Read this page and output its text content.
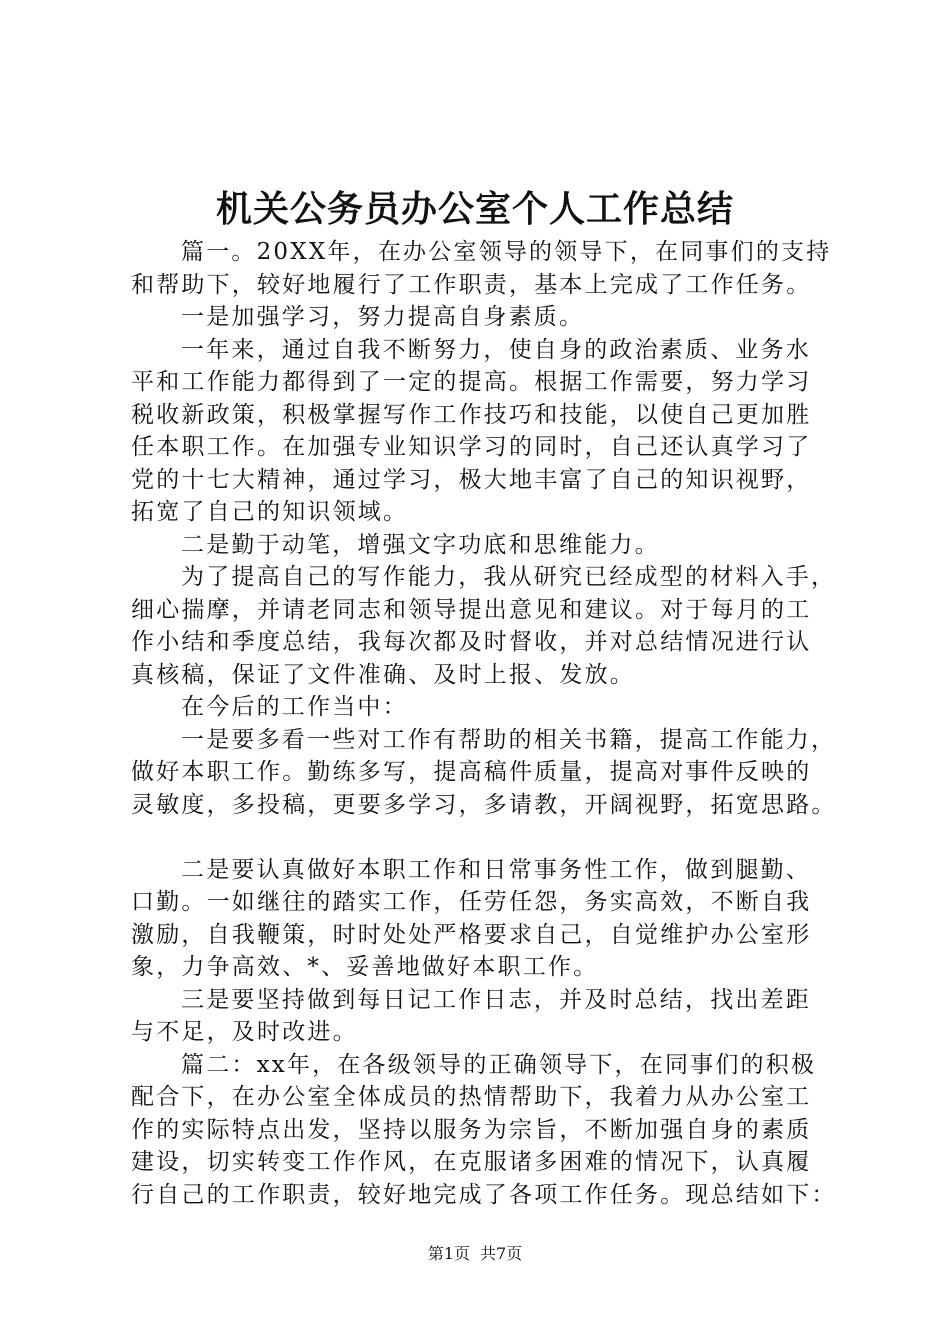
机关公务员办公室个人工作总结
篇一。20XX年，在办公室领导的领导下，在同事们的支持
和帮助下，较好地履行了工作职责，基本上完成了工作任务。
一是加强学习，努力提高自身素质。
一年来，通过自我不断努力，使自身的政治素质、业务水
平和工作能力都得到了一定的提高。根据工作需要，努力学习
税收新政策，积极掌握写作工作技巧和技能，以使自己更加胜
任本职工作。在加强专业知识学习的同时，自己还认真学习了
党的十七大精神，通过学习，极大地丰富了自己的知识视野，
拓宽了自己的知识领域。
二是勤于动笔，增强文字功底和思维能力。
为了提高自己的写作能力，我从研究已经成型的材料入手，
细心揣摩，并请老同志和领导提出意见和建议。对于每月的工
作小结和季度总结，我每次都及时督收，并对总结情况进行认
真核稿，保证了文件准确、及时上报、发放。
在今后的工作当中：
一是要多看一些对工作有帮助的相关书籍，提高工作能力，
做好本职工作。勤练多写，提高稿件质量，提高对事件反映的
灵敏度，多投稿，更要多学习，多请教，开阔视野，拓宽思路。
二是要认真做好本职工作和日常事务性工作，做到腿勤、
口勤。一如继往的踏实工作，任劳任怨，务实高效，不断自我
激励，自我鞭策，时时处处严格要求自己，自觉维护办公室形
象，力争高效、*、妥善地做好本职工作。
三是要坚持做到每日记工作日志，并及时总结，找出差距
与不足，及时改进。
篇二：xx年，在各级领导的正确领导下，在同事们的积极
配合下，在办公室全体成员的热情帮助下，我着力从办公室工
作的实际特点出发，坚持以服务为宗旨，不断加强自身的素质
建设，切实转变工作作风，在克服诸多困难的情况下，认真履
行自己的工作职责，较好地完成了各项工作任务。现总结如下：
第1页 共7页
